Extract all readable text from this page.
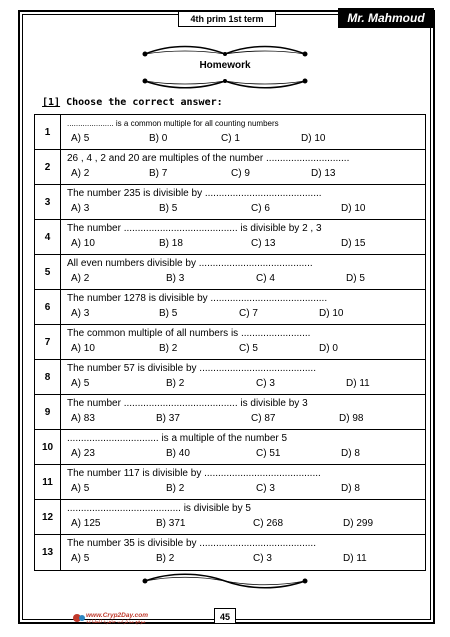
4th prim 1st term	Mr. Mahmoud
Homework
[1] Choose the correct answer:
1
..................... is a common multiple for all counting numbers
A) 5	B) 0	C) 1	D) 10
2
26 , 4 , 2 and 20 are multiples of the number ..............................
A) 2	B) 7	C) 9	D) 13
3
The number 235 is divisible by ..........................................
A) 3	B) 5	C) 6	D) 10
4
The number ......................................... is divisible by 2 , 3
A) 10	B) 18	C) 13	D) 15
5
All even numbers divisible by .........................................
A) 2	B) 3	C) 4	D) 5
6
The number 1278 is divisible by ..........................................
A) 3	B) 5	C) 7	D) 10
7
The common multiple of all numbers is .........................
A) 10	B) 2	C) 5	D) 0
8
The number 57 is divisible by ..........................................
A) 5	B) 2	C) 3	D) 11
9
The number ......................................... is divisible by 3
A) 83	B) 37	C) 87	D) 98
10
................................. is a multiple of the number 5
A) 23	B) 40	C) 51	D) 8
11
The number 117 is divisible by ..........................................
A) 5	B) 2	C) 3	D) 8
12
......................................... is divisible by 5
A) 125	B) 371	C) 268	D) 299
13
The number 35 is divisible by ..........................................
A) 5	B) 2	C) 3	D) 11
www.Cryp2Day.com
موقع مذكرات جاهزة للطباعة	45
